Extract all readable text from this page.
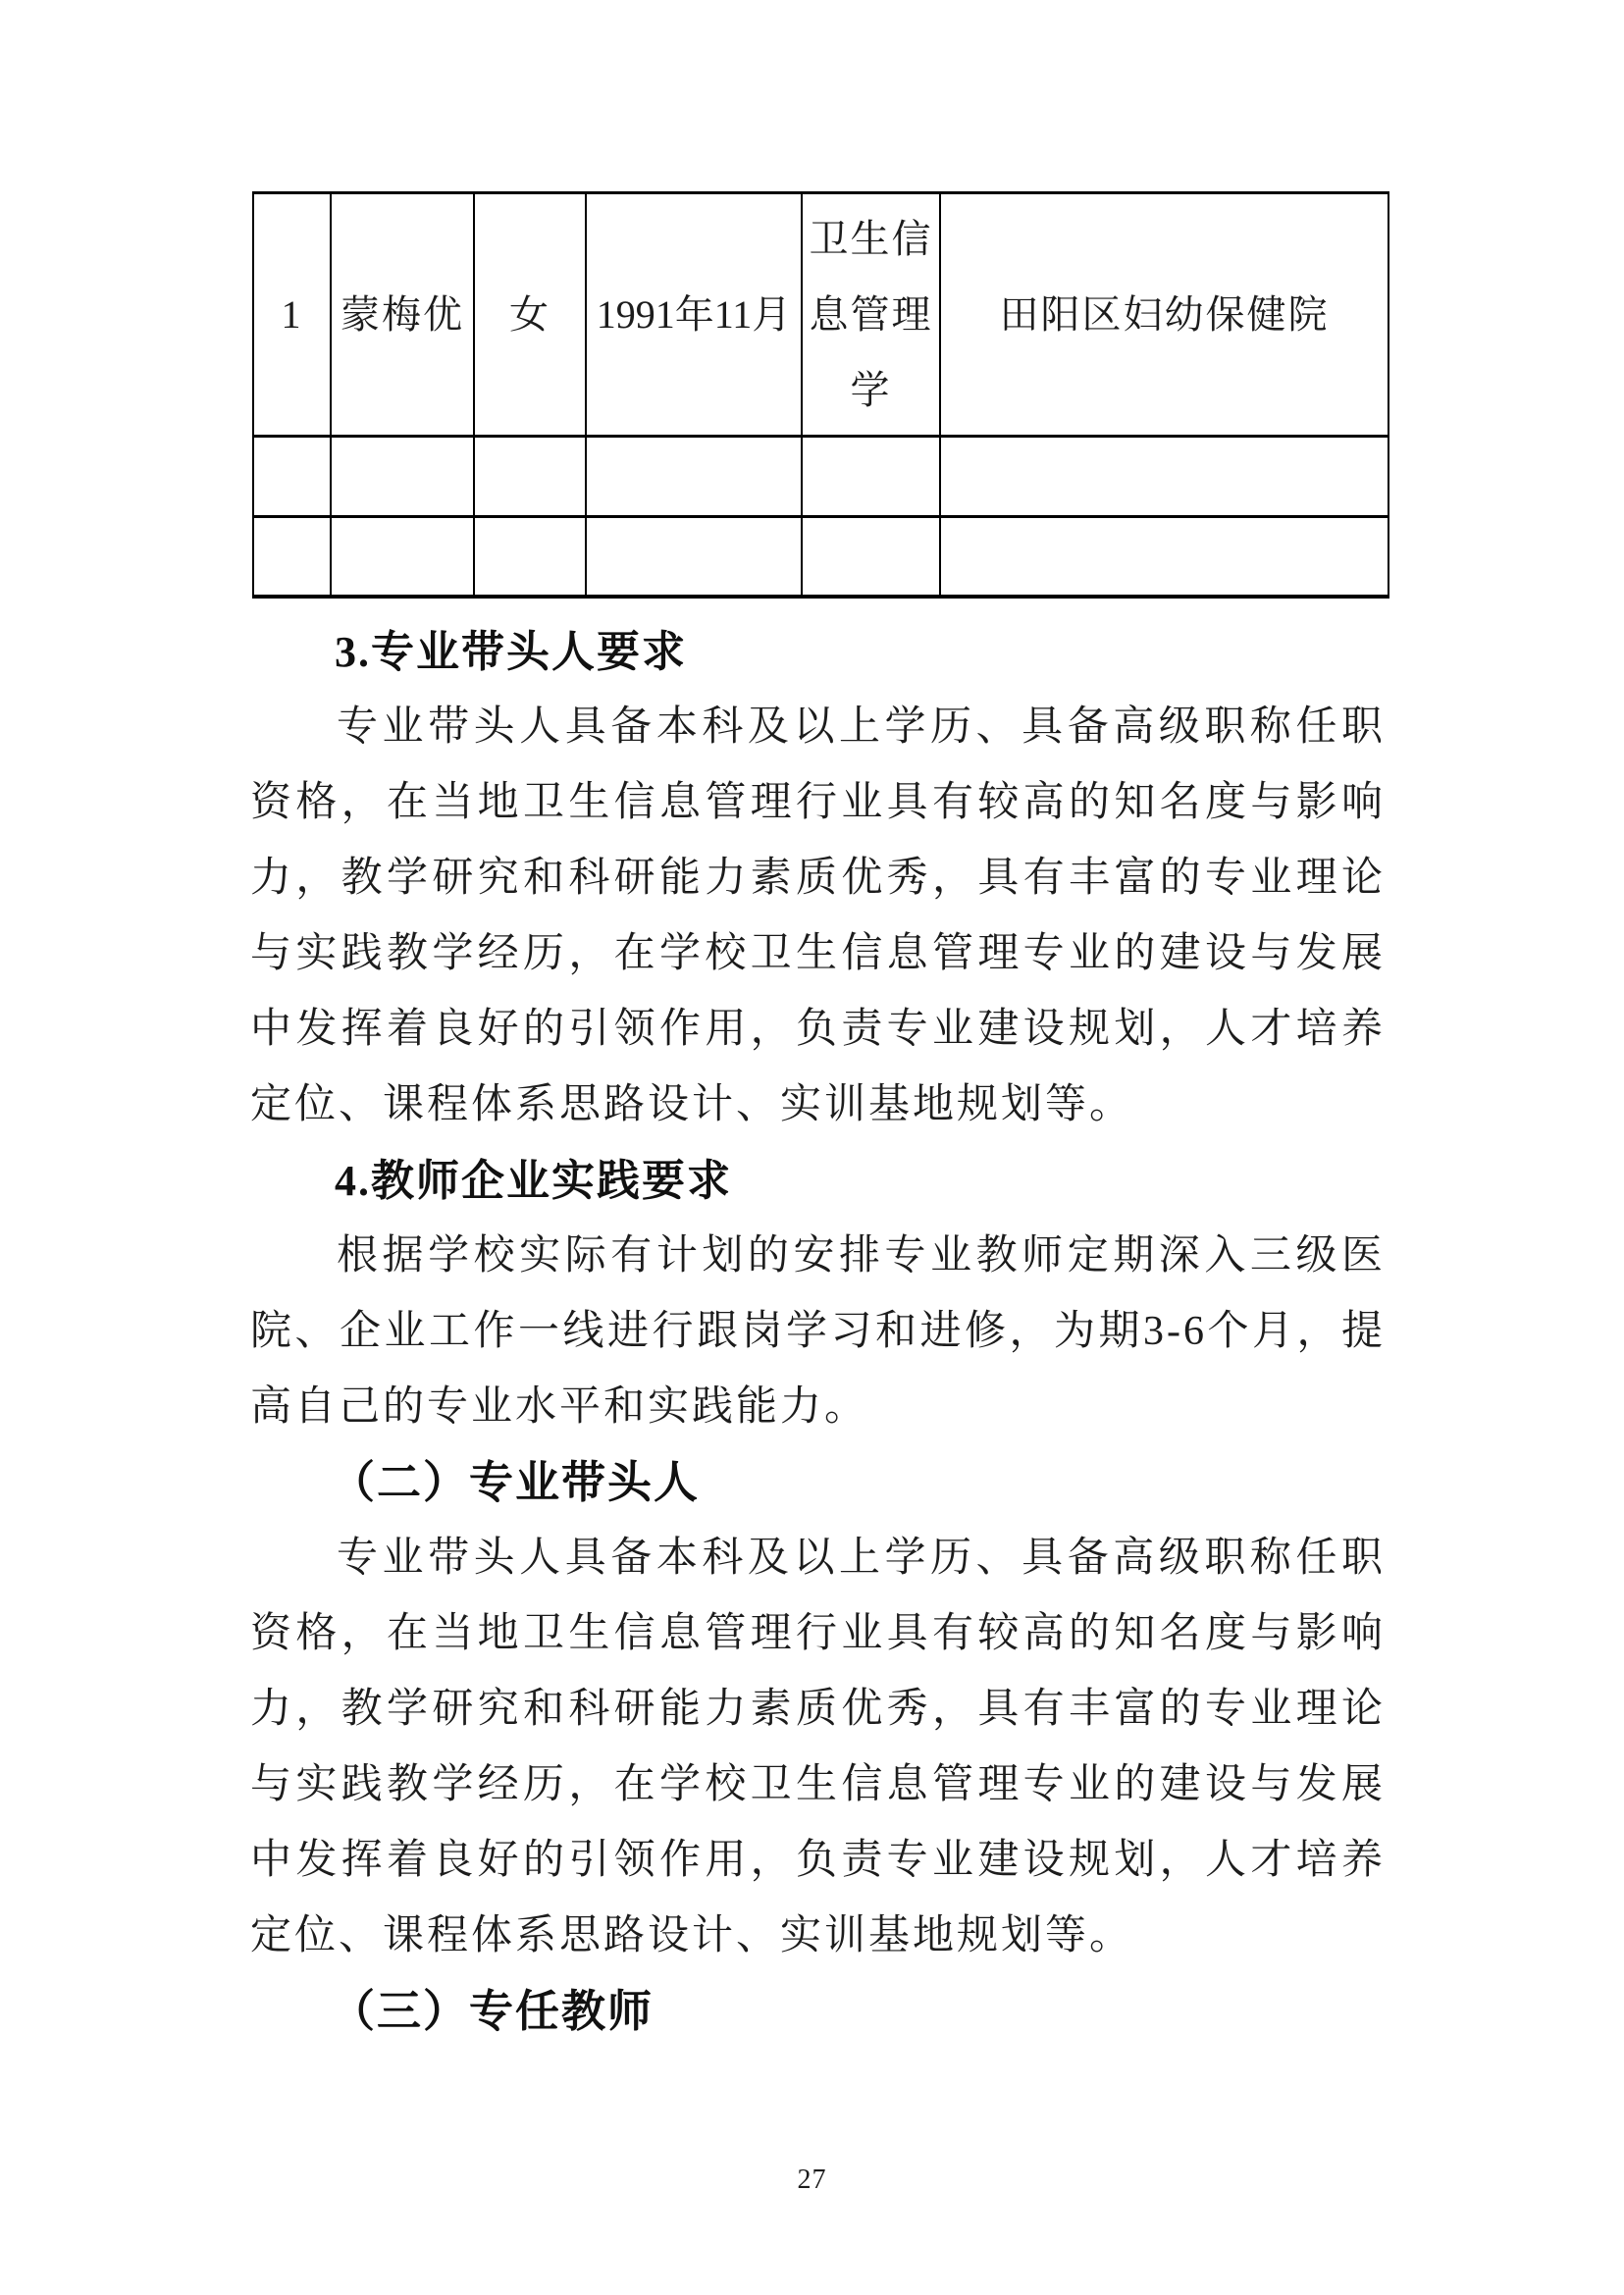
1	蒙梅优	女	1991年11月	卫生信息管理学	田阳区妇幼保健院

3.专业带头人要求
专业带头人具备本科及以上学历、具备高级职称任职
资格，在当地卫生信息管理行业具有较高的知名度与影响
力，教学研究和科研能力素质优秀，具有丰富的专业理论
与实践教学经历，在学校卫生信息管理专业的建设与发展
中发挥着良好的引领作用，负责专业建设规划，人才培养
定位、课程体系思路设计、实训基地规划等。
4.教师企业实践要求
根据学校实际有计划的安排专业教师定期深入三级医
院、企业工作一线进行跟岗学习和进修，为期3-6个月，提
高自己的专业水平和实践能力。
（二）专业带头人
专业带头人具备本科及以上学历、具备高级职称任职
资格，在当地卫生信息管理行业具有较高的知名度与影响
力，教学研究和科研能力素质优秀，具有丰富的专业理论
与实践教学经历，在学校卫生信息管理专业的建设与发展
中发挥着良好的引领作用，负责专业建设规划，人才培养
定位、课程体系思路设计、实训基地规划等。
（三）专任教师
27
